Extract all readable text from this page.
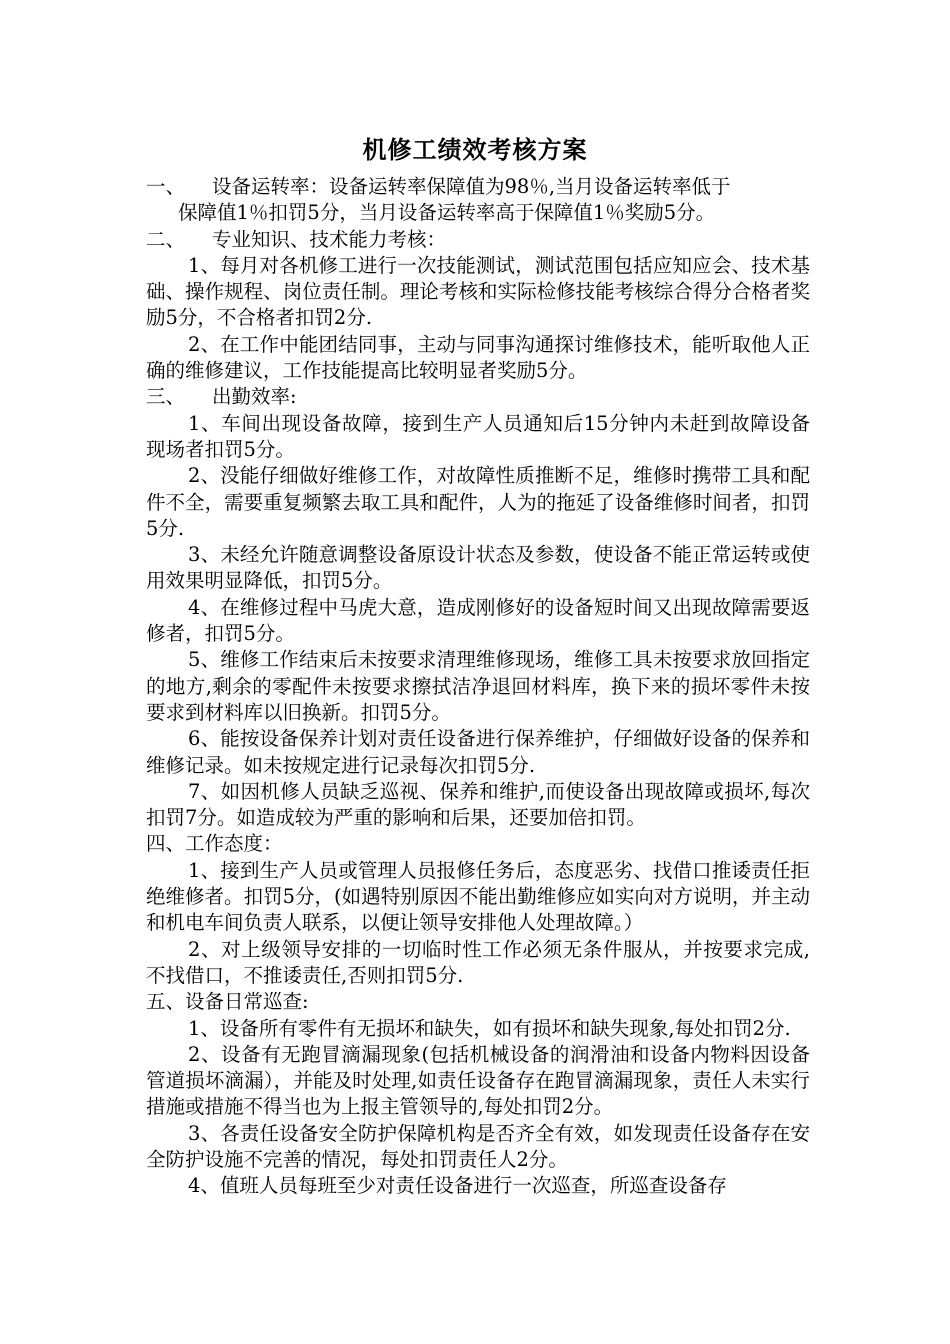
机修工绩效考核方案
一、	设备运转率：设备运转率保障值为98％,当月设备运转率低于
保障值1％扣罚5分，当月设备运转率高于保障值1％奖励5分。
二、	专业知识、技术能力考核：

1、每月对各机修工进行一次技能测试，测试范围包括应知应会、技术基础、操作规程、岗位责任制。理论考核和实际检修技能考核综合得分合格者奖励5分，不合格者扣罚2分.

2、在工作中能团结同事，主动与同事沟通探讨维修技术，能听取他人正确的维修建议，工作技能提高比较明显者奖励5分。

三、	出勤效率:

1、车间出现设备故障，接到生产人员通知后15分钟内未赶到故障设备现场者扣罚5分。

2、没能仔细做好维修工作，对故障性质推断不足，维修时携带工具和配件不全，需要重复频繁去取工具和配件，人为的拖延了设备维修时间者，扣罚5分.

3、未经允许随意调整设备原设计状态及参数，使设备不能正常运转或使用效果明显降低，扣罚5分。

4、在维修过程中马虎大意，造成刚修好的设备短时间又出现故障需要返修者，扣罚5分。

5、维修工作结束后未按要求清理维修现场，维修工具未按要求放回指定的地方,剩余的零配件未按要求擦拭洁净退回材料库，换下来的损坏零件未按要求到材料库以旧换新。扣罚5分。

6、能按设备保养计划对责任设备进行保养维护，仔细做好设备的保养和维修记录。如未按规定进行记录每次扣罚5分.

7、如因机修人员缺乏巡视、保养和维护,而使设备出现故障或损坏,每次扣罚7分。如造成较为严重的影响和后果，还要加倍扣罚。

四、工作态度：

1、接到生产人员或管理人员报修任务后，态度恶劣、找借口推诿责任拒绝维修者。扣罚5分，(如遇特别原因不能出勤维修应如实向对方说明，并主动和机电车间负责人联系，以便让领导安排他人处理故障。）

2、对上级领导安排的一切临时性工作必须无条件服从，并按要求完成,不找借口，不推诿责任,否则扣罚5分.

五、设备日常巡查:

1、设备所有零件有无损坏和缺失，如有损坏和缺失现象,每处扣罚2分.

2、设备有无跑冒滴漏现象(包括机械设备的润滑油和设备内物料因设备管道损坏滴漏），并能及时处理,如责任设备存在跑冒滴漏现象，责任人未实行措施或措施不得当也为上报主管领导的,每处扣罚2分。

3、各责任设备安全防护保障机构是否齐全有效，如发现责任设备存在安全防护设施不完善的情况，每处扣罚责任人2分。

4、值班人员每班至少对责任设备进行一次巡查，所巡查设备存
